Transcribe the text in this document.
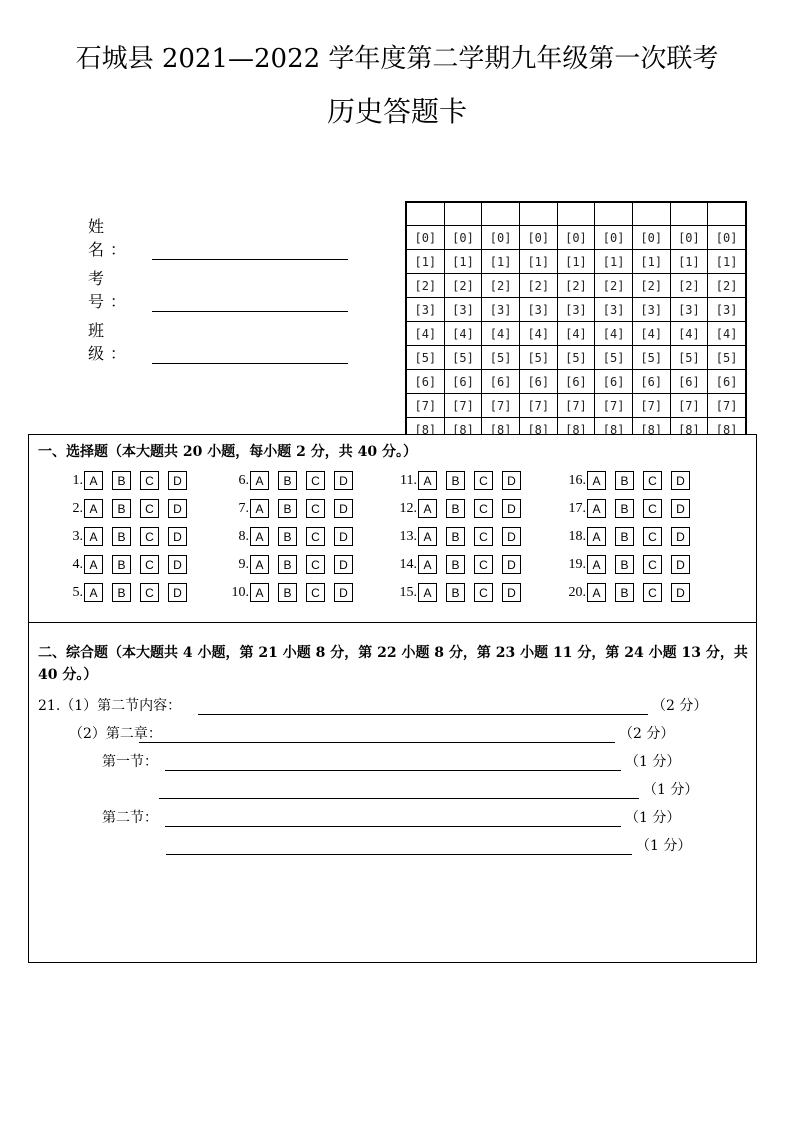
石城县 2021—2022 学年度第二学期九年级第一次联考
历史答题卡
姓 名：
考 号：
班 级：

[0]	[0]	[0]	[0]	[0]	[0]	[0]	[0]	[0]
[1]	[1]	[1]	[1]	[1]	[1]	[1]	[1]	[1]
[2]	[2]	[2]	[2]	[2]	[2]	[2]	[2]	[2]
[3]	[3]	[3]	[3]	[3]	[3]	[3]	[3]	[3]
[4]	[4]	[4]	[4]	[4]	[4]	[4]	[4]	[4]
[5]	[5]	[5]	[5]	[5]	[5]	[5]	[5]	[5]
[6]	[6]	[6]	[6]	[6]	[6]	[6]	[6]	[6]
[7]	[7]	[7]	[7]	[7]	[7]	[7]	[7]	[7]
[8]	[8]	[8]	[8]	[8]	[8]	[8]	[8]	[8]
一、选择题（本大题共 20 小题，每小题 2 分，共 40 分。）
1. A	B	C	D
2. A	B	C	D
3. A	B	C	D
4. A	B	C	D
5. A	B	C	D
6. A	B	C	D
7. A	B	C	D
8. A	B	C	D
9. A	B	C	D
10. A	B	C	D
11. A	B	C	D
12. A	B	C	D
13. A	B	C	D
14. A	B	C	D
15. A	B	C	D
16. A	B	C	D
17. A	B	C	D
18. A	B	C	D
19. A	B	C	D
20. A	B	C	D
二、综合题（本大题共 4 小题，第 21 小题 8 分，第 22 小题 8 分，第 23 小题 11 分，第 24 小题 13 分，共 40 分。）
21.（1）第二节内容：	（2 分）
（2）第二章：	（2 分）
第一节：	（1 分）
（1 分）
第二节：	（1 分）
（1 分）
